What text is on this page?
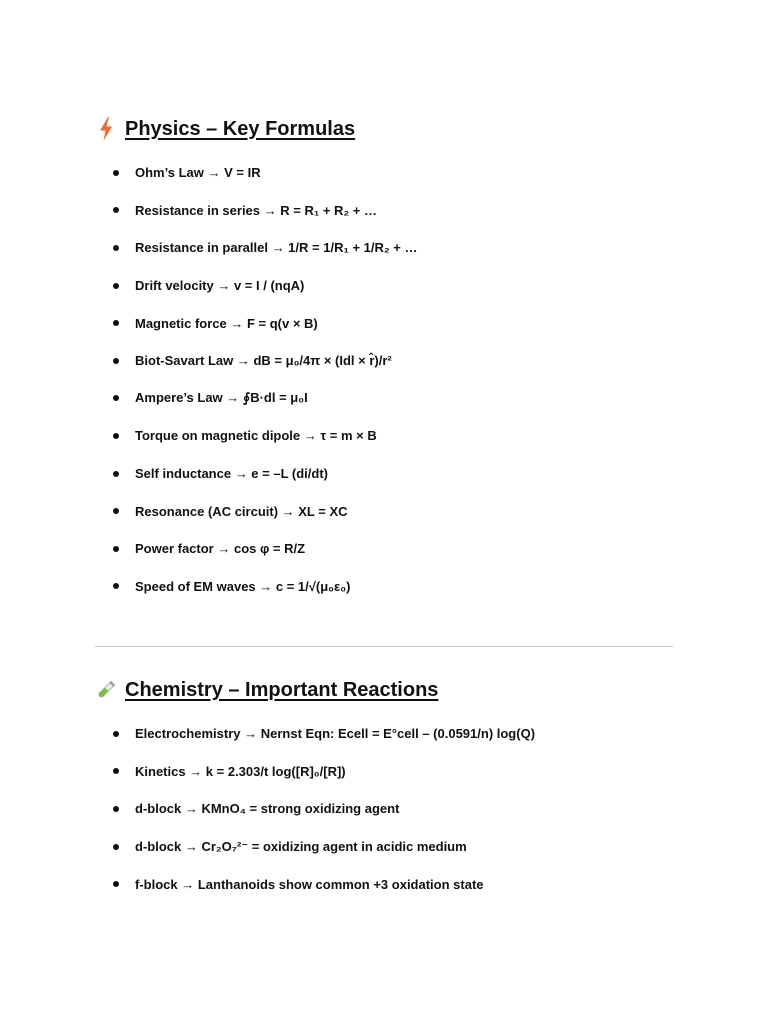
Physics – Key Formulas
Ohm’s Law → V = IR
Resistance in series → R = R₁ + R₂ + …
Resistance in parallel → 1/R = 1/R₁ + 1/R₂ + …
Drift velocity → v = I / (nqA)
Magnetic force → F = q(v × B)
Biot-Savart Law → dB = μ₀/4π × (Idl × r̂)/r²
Ampere’s Law → ∮B·dl = μ₀I
Torque on magnetic dipole → τ = m × B
Self inductance → e = –L (di/dt)
Resonance (AC circuit) → XL = XC
Power factor → cos φ = R/Z
Speed of EM waves → c = 1/√(μ₀ε₀)
Chemistry – Important Reactions
Electrochemistry → Nernst Eqn: Ecell = E°cell – (0.0591/n) log(Q)
Kinetics → k = 2.303/t log([R]₀/[R])
d-block → KMnO₄ = strong oxidizing agent
d-block → Cr₂O₇²⁻ = oxidizing agent in acidic medium
f-block → Lanthanoids show common +3 oxidation state
